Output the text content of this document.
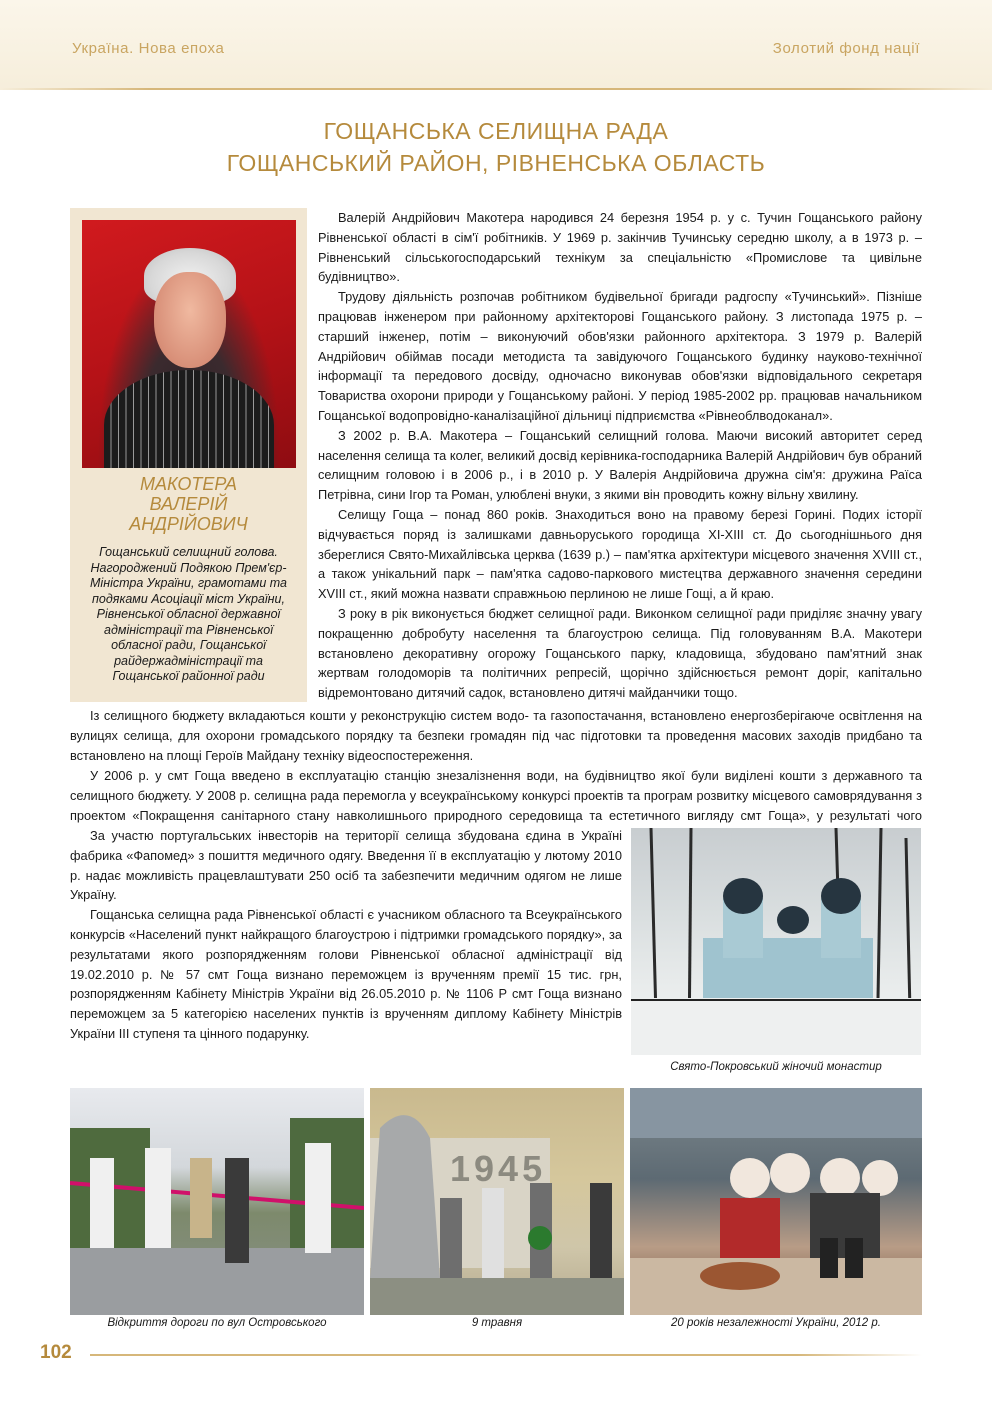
Україна. Нова епоха	Золотий фонд нації
ГОЩАНСЬКА СЕЛИЩНА РАДА
ГОЩАНСЬКИЙ РАЙОН, РІВНЕНСЬКА ОБЛАСТЬ
МАКОТЕРА
ВАЛЕРІЙ
АНДРІЙОВИЧ
Гощанський селищний голова. Нагороджений Подякою Прем'єр-Міністра України, грамотами та подяками Асоціації міст України, Рівненської обласної державної адміністрації та Рівненської обласної ради, Гощанської райдержадміністрації та Гощанської районної ради

Валерій Андрійович Макотера народився 24 березня 1954 р. у с. Тучин Гощанського району Рівненської області в сім'ї робітників. У 1969 р. закінчив Тучинську середню школу, а в 1973 р. – Рівненський сільськогосподарський технікум за спеціальністю «Промислове та цивільне будівництво».

Трудову діяльність розпочав робітником будівельної бригади радгоспу «Тучинський». Пізніше працював інженером при районному архітекторові Гощанського району. З листопада 1975 р. – старший інженер, потім – виконуючий обов'язки районного архітектора. З 1979 р. Валерій Андрійович обіймав посади методиста та завідуючого Гощанського будинку науково-технічної інформації та передового досвіду, одночасно виконував обов'язки відповідального секретаря Товариства охорони природи у Гощанському районі. У період 1985-2002 рр. працював начальником Гощанської водопровідно-каналізаційної дільниці підприємства «Рівнеоблводоканал».

З 2002 р. В.А. Макотера – Гощанський селищний голова. Маючи високий авторитет серед населення селища та колег, великий досвід керівника-господарника Валерій Андрійович був обраний селищним головою і в 2006 р., і в 2010 р. У Валерія Андрійовича дружна сім'я: дружина Раїса Петрівна, сини Ігор та Роман, улюблені внуки, з якими він проводить кожну вільну хвилину.

Селищу Гоща – понад 860 років. Знаходиться воно на правому березі Горині. Подих історії відчувається поряд із залишками давньоруського городища ХІ-ХІІІ ст. До сьогоднішнього дня збереглися Свято-Михайлівська церква (1639 р.) – пам'ятка архітектури місцевого значення XVIII ст., а також унікальний парк – пам'ятка садово-паркового мистецтва державного значення середини XVIII ст., який можна назвати справжньою перлиною не лише Гощі, а й краю.

З року в рік виконується бюджет селищної ради. Виконком селищної ради приділяє значну увагу покращенню добробуту населення та благоустрою селища. Під головуванням В.А. Макотери встановлено декоративну огорожу Гощанського парку, кладовища, збудовано пам'ятний знак жертвам голодоморів та політичних репресій, щорічно здійснюється ремонт доріг, капітально відремонтовано дитячий садок, встановлено дитячі майданчики тощо.

Із селищного бюджету вкладаються кошти у реконструкцію систем водо- та газопостачання, встановлено енергозберігаюче освітлення на вулицях селища, для охорони громадського порядку та безпеки громадян під час підготовки та проведення масових заходів придбано та встановлено на площі Героїв Майдану техніку відеоспостереження.

У 2006 р. у смт Гоща введено в експлуатацію станцію знезалізнення води, на будівництво якої були виділені кошти з державного та селищного бюджету. У 2008 р. селищна рада перемогла у всеукраїнському конкурсі проектів та програм розвитку місцевого самоврядування з проектом «Покращення санітарного стану навколишнього природного середовища та естетичного вигляду смт Гоща», у результаті чого

За участю португальських інвесторів на території селища збудована єдина в Україні фабрика «Фапомед» з пошиття медичного одягу. Введення її в експлуатацію у лютому 2010 р. надає можливість працевлаштувати 250 осіб та забезпечити медичним одягом не лише Україну.

Гощанська селищна рада Рівненської області є учасником обласного та Всеукраїнського конкурсів «Населений пункт найкращого благоустрою і підтримки громадського порядку», за результатами якого розпорядженням голови Рівненської обласної адміністрації від 19.02.2010 р. № 57 смт Гоща визнано переможцем із врученням премії 15 тис. грн, розпорядженням Кабінету Міністрів України від 26.05.2010 р. № 1106 Р смт Гоща визнано переможцем за 5 категорією населених пунктів із врученням диплому Кабінету Міністрів України ІІІ ступеня та цінного подарунку.

Свято-Покровський жіночий монастир
Відкриття дороги по вул Островського
1945
9 травня	20 років незалежності України, 2012 р.
102
